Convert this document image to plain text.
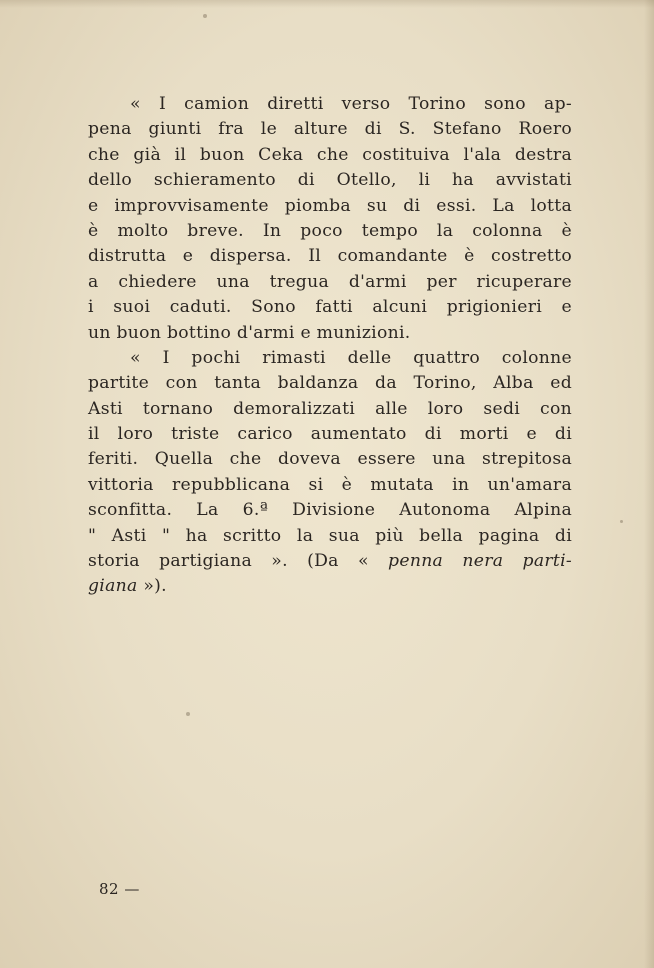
« I camion diretti verso Torino sono ap-
pena giunti fra le alture di S. Stefano Roero
che già il buon Ceka che costituiva l'ala destra
dello schieramento di Otello, li ha avvistati
e improvvisamente piomba su di essi. La lotta
è molto breve. In poco tempo la colonna è
distrutta e dispersa. Il comandante è costretto
a chiedere una tregua d'armi per ricuperare
i suoi caduti. Sono fatti alcuni prigionieri e
un buon bottino d'armi e munizioni.
« I pochi rimasti delle quattro colonne
partite con tanta baldanza da Torino, Alba ed
Asti tornano demoralizzati alle loro sedi con
il loro triste carico aumentato di morti e di
feriti. Quella che doveva essere una strepitosa
vittoria repubblicana si è mutata in un'amara
sconfitta. La 6.ª Divisione Autonoma Alpina
" Asti " ha scritto la sua più bella pagina di
storia partigiana ». (Da « penna nera parti-
giana »).
82 —
